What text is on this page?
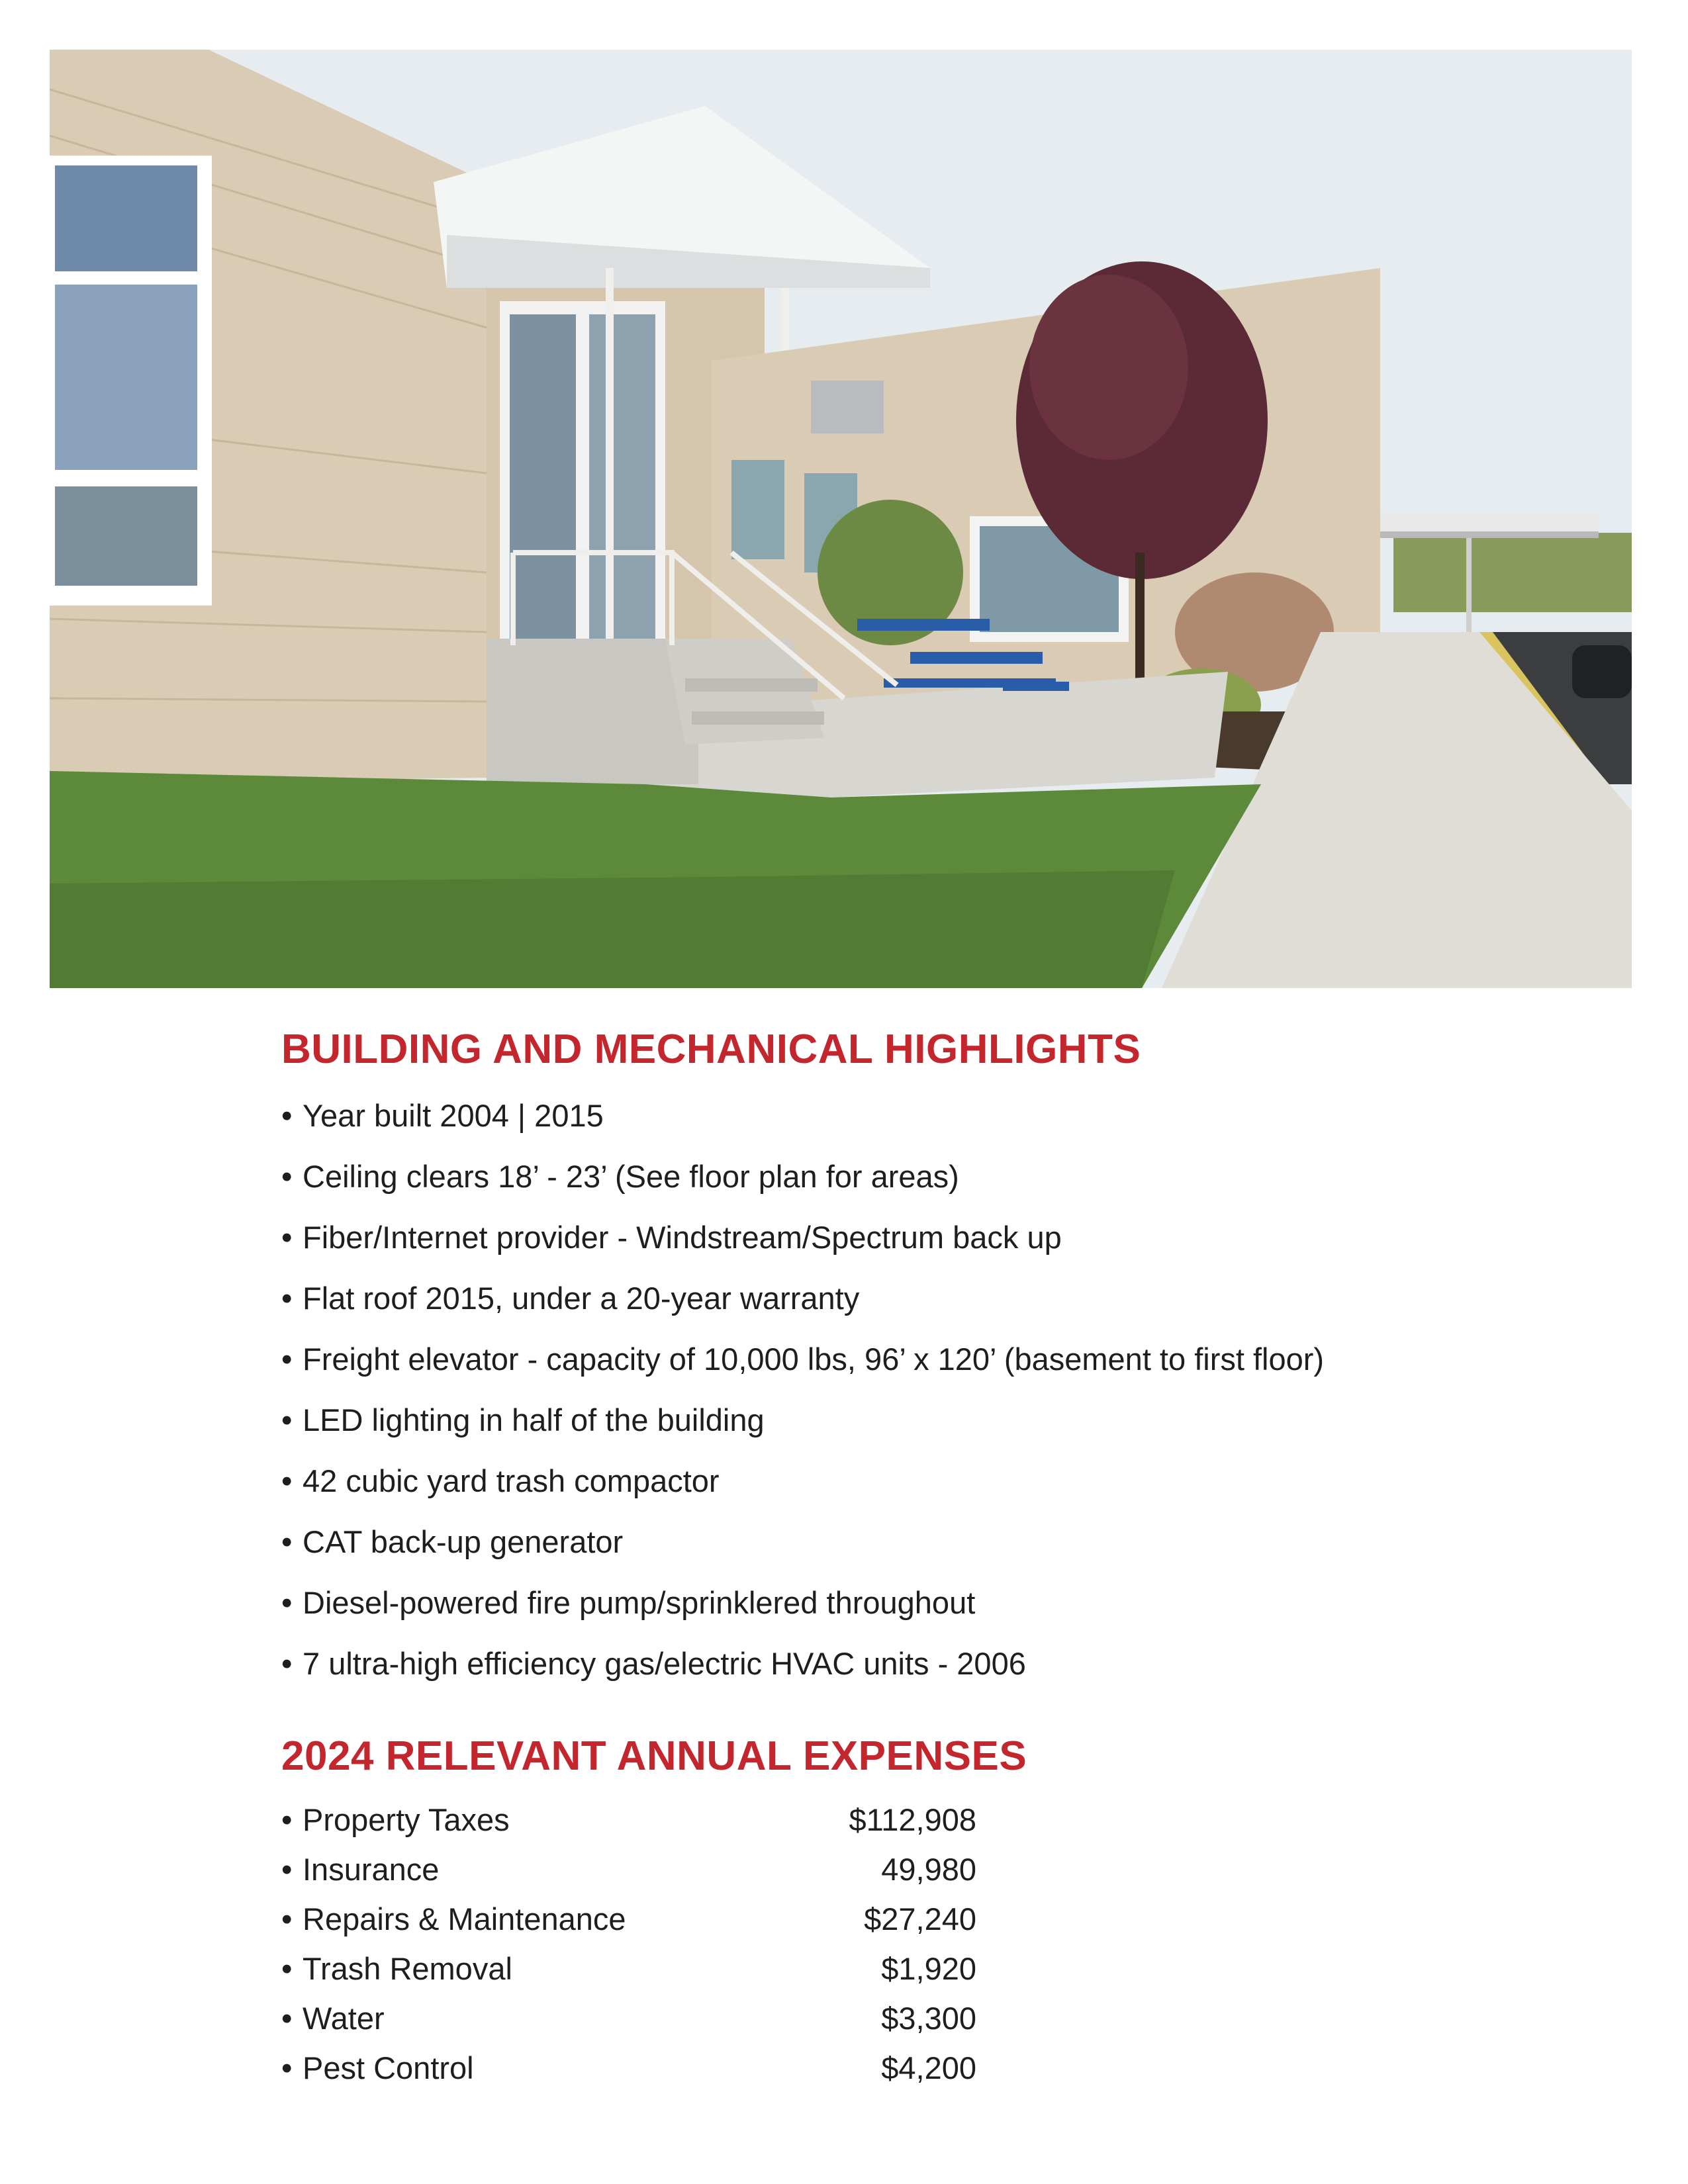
BUILDING AND MECHANICAL HIGHLIGHTS
• Year built 2004 | 2015
• Ceiling clears 18’ - 23’ (See floor plan for areas)
• Fiber/Internet provider - Windstream/Spectrum back up
• Flat roof 2015, under a 20-year warranty
• Freight elevator - capacity of 10,000 lbs, 96’ x 120’ (basement to first floor)
• LED lighting in half of the building
• 42 cubic yard trash compactor
• CAT back-up generator
• Diesel-powered fire pump/sprinklered throughout
• 7 ultra-high efficiency gas/electric HVAC units - 2006
2024 RELEVANT ANNUAL EXPENSES
• Property Taxes	$112,908
• Insurance	49,980
• Repairs & Maintenance	$27,240
• Trash Removal	$1,920
• Water	$3,300
• Pest Control	$4,200
